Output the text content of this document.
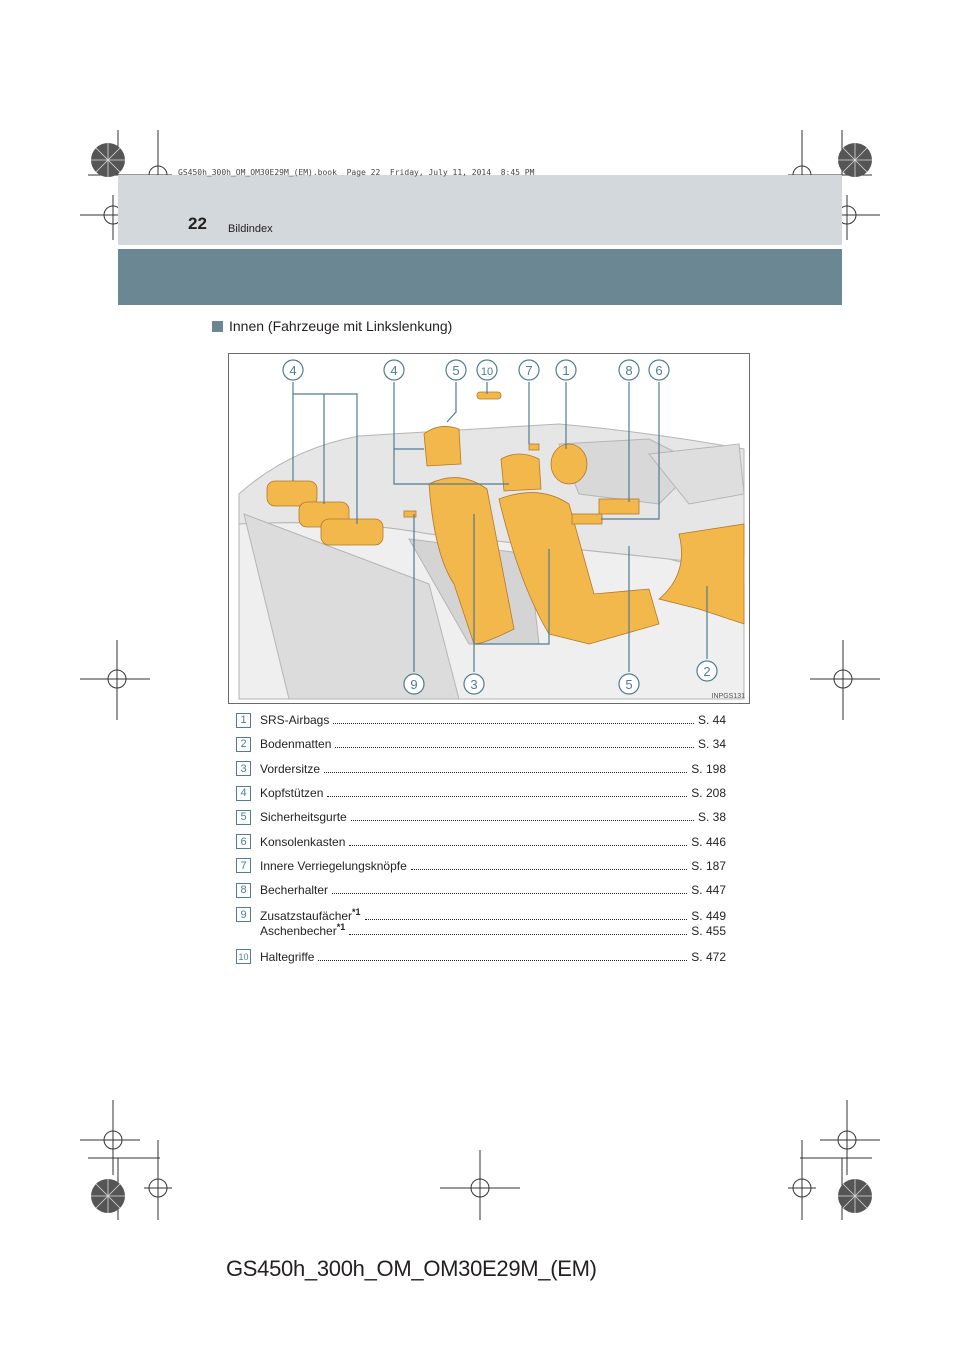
GS450h_300h_OM_OM30E29M_(EM).book  Page 22  Friday, July 11, 2014  8:45 PM
22 Bildindex
Innen (Fahrzeuge mit Linkslenkung)
4	4	5 10 7 1	8 6
9	3	5
2
INPGS131
1	SRS-Airbags	S. 44
2	Bodenmatten	S. 34
3	Vordersitze	S. 198
4	Kopfstützen	S. 208
5	Sicherheitsgurte	S. 38
6	Konsolenkasten	S. 446
7	Innere Verriegelungsknöpfe	S. 187
8	Becherhalter	S. 447
9	Zusatzstaufächer$^{*1}$	S. 449
Aschenbecher$^{*1}$	S. 455
10 Haltegriffe	S. 472
GS450h_300h_OM_OM30E29M_(EM)
